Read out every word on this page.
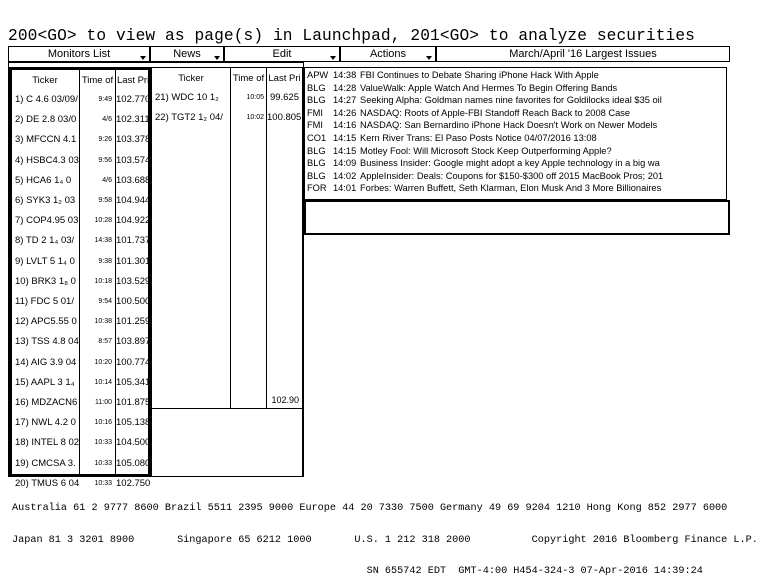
200<GO> to view as page(s) in Launchpad, 201<GO> to analyze securities
Monitors List	News	Edit	Actions	March/April '16 Largest Issues
Ticker	Time of Last Pri
1) C 4.6 03/09/	9:49 102.770
2) DE 2.8 03/0	4/6 102.311
3) MFCCN 4.1	9:26 103.378
4) HSBC4.3 03	9:56 103.574
5) HCA6 1₄ 0	4/6 103.688
6) SYK3 1₂ 03	9:58 104.944
7) COP4.95 03	10:28 104.922
8) TD 2 1₄ 03/	14:38 101.737
9) LVLT 5 1₄ 0	9:38 101.301
10) BRK3 1₈ 0	10:18 103.529
11) FDC 5 01/	9:54 100.500
12) APC5.55 0	10:38 101.259
13) TSS 4.8 04	8:57 103.897
14) AIG 3.9 04	10:20 100.774
15) AAPL 3 1₄	10:14 105.341
16) MDZACN6	11:00 101.875
17) NWL 4.2 0	10:16 105.138
18) INTEL 8 02	10:33 104.500
19) CMCSA 3.	10:33 105.080
20) TMUS 6 04	10:33 102.750
Ticker	Time of Last Pri
21) WDC 10 1₂	10:05 99.625
22) TGT2 1₂ 04/	10:02 100.805
102.90
APW 14:38 FBI Continues to Debate Sharing iPhone Hack With Apple
BLG 14:28 ValueWalk: Apple Watch And Hermes To Begin Offering Bands
BLG 14:27 Seeking Alpha: Goldman names nine favorites for Goldilocks ideal $35 oil
FMI 14:26 NASDAQ: Roots of Apple-FBI Standoff Reach Back to 2008 Case
FMI 14:16 NASDAQ: San Bernardino iPhone Hack Doesn't Work on Newer Models
CO1 14:15 Kern River Trans: El Paso Posts Notice 04/07/2016 13:08
BLG 14:15 Motley Fool: Will Microsoft Stock Keep Outperforming Apple?
BLG 14:09 Business Insider: Google might adopt a key Apple technology in a big wa
BLG 14:02 AppleInsider: Deals: Coupons for $150-$300 off 2015 MacBook Pros; 201
FOR 14:01 Forbes: Warren Buffett, Seth Klarman, Elon Musk And 3 More Billionaires

Australia 61 2 9777 8600 Brazil 5511 2395 9000 Europe 44 20 7330 7500 Germany 49 69 9204 1210 Hong Kong 852 2977 6000

Japan 81 3 3201 8900       Singapore 65 6212 1000       U.S. 1 212 318 2000          Copyright 2016 Bloomberg Finance L.P.

SN 655742 EDT  GMT-4:00 H454-324-3 07-Apr-2016 14:39:24
